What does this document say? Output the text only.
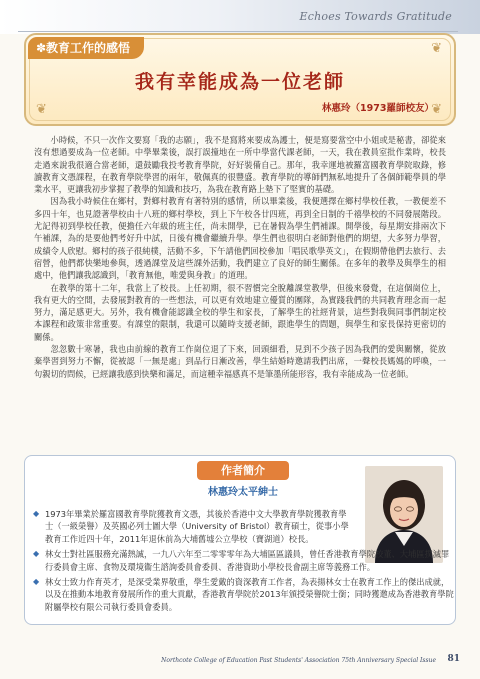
Echoes Towards Gratitude
✽教育工作的感悟	❦
❦	❦
我有幸能成為一位老師
林惠玲（1973羅師校友）

小時候，不只一次作文要寫「我的志願」，我不是寫將來要成為護士，便是寫要當空中小姐或是秘書，卻從來沒有想過要成為一位老師。中學畢業後，誤打誤撞地在一所中學當代課老師，一天，我在教員室批作業時，校長走過來說我很適合當老師，還鼓勵我投考教育學院，好好裝備自己。那年，我幸運地被羅富國教育學院取錄，修讀教育文憑課程，在教育學院學習的兩年，敬佩真的很豐盛。教育學院的導師們無私地提升了各個師範學員的學業水平，更讓我初步掌握了教學的知識和技巧，為我在教育路上墊下了堅實的基礎。

因為我小時候住在鄉村，對鄉村教育有著特別的感情，所以畢業後，我便選擇在鄉村學校任教，一教便差不多四十年，也見證著學校由十八班的鄉村學校，到上下午校各廿四班，再到全日制的千禧學校的不同發展階段。尤記得初到學校任教，便擔任六年級的班主任，尚未開學，已在暑假為學生們補課。開學後，每星期安排兩次下午補課，為的是要他們考好升中試，日後有機會繼續升學。學生們也很明白老師對他們的期望，大多努力學習，成績令人欣慰。鄉村的孩子很純樸，活動不多，下午請他們回校參加「唱民歌學英文」，在假期帶他們去旅行、去宿營，他們都快樂地參與，透過課堂及這些課外活動，我們建立了良好的師生關係。在多年的教學及與學生的相處中，他們讓我認識到，「教育無他，唯愛與身教」的道理。

在教學的第十二年，我當上了校長。上任初期，很不習慣完全脫離課堂教學，但後來發覺，在這個崗位上，我有更大的空間，去發展對教育的一些想法，可以更有效地建立優質的團隊，為實踐我們的共同教育理念而一起努力，滿足感更大。另外，我有機會能認識全校的學生和家長，了解學生的社經背景，這些對我與同事們制定校本課程和政策非常重要。有課堂的限制，我還可以隨時支援老師，跟進學生的問題，與學生和家長保持更密切的關係。

忽忽數十寒暑，我也由前線的教育工作崗位退了下來，回頭細看，見到不少孩子因為我們的愛與關懷，從放棄學習到努力不懈，從被認「一無是處」到品行日漸改善，學生結婚時邀請我們出席，一聲校長媽媽的呼喚，一句親切的問候，已經讓我感到快樂和滿足，而這種幸福感真不是筆墨所能形容，我有幸能成為一位老師。

作者簡介
林惠玲太平紳士
◆ 1973年畢業於羅富國教育學院獲教育文憑，其後於香港中文大學教育學院獲教育學士（一級榮譽）及英國必列士圖大學（University of Bristol）教育碩士，從事小學教育工作近四十年，2011年退休前為大埔舊墟公立學校（寶湖道）校長。
◆ 林女士對社區服務充滿熱誠，一九八六年至二零零零年為大埔區區議員，曾任香港教育學院校董、大埔區撲滅罪行委員會主席、食物及環境衞生諮詢委員會委員、香港資助小學校長會副主席等義務工作。
◆ 林女士致力作育英才，是深受業界敬重，學生愛戴的資深教育工作者，為表揚林女士在教育工作上的傑出成就，以及在推動本地教育發展所作的重大貢獻，香港教育學院於2013年頒授榮譽院士銜；同時獲邀成為香港教育學院附屬學校有限公司執行委員會委員。
Northcote College of Education Past Students' Association 75th Anniversary Special Issue 81
